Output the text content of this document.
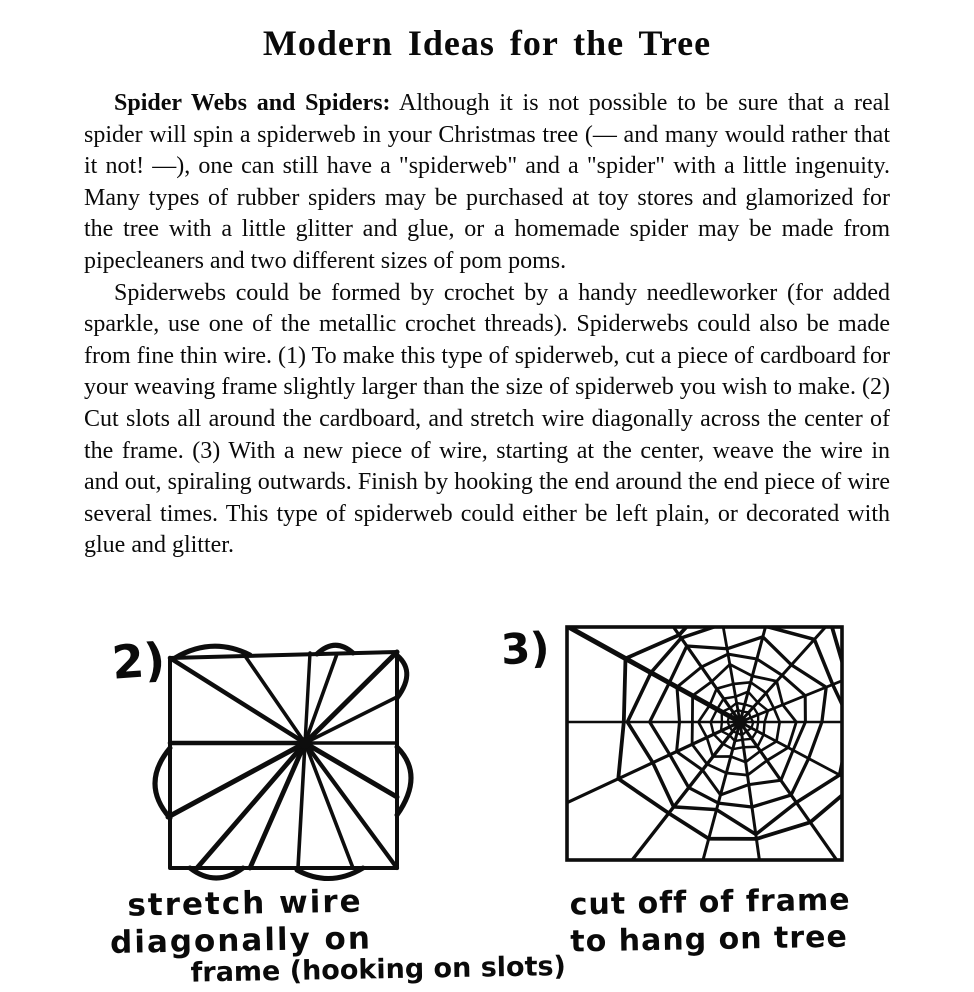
Modern Ideas for the Tree

Spider Webs and Spiders: Although it is not possible to be sure that a real spider will spin a spiderweb in your Christmas tree (— and many would rather that it not! —), one can still have a "spiderweb" and a "spider" with a little ingenuity. Many types of rubber spiders may be purchased at toy stores and glamorized for the tree with a little glitter and glue, or a homemade spider may be made from pipecleaners and two different sizes of pom poms.

Spiderwebs could be formed by crochet by a handy needleworker (for added sparkle, use one of the metallic crochet threads). Spiderwebs could also be made from fine thin wire. (1) To make this type of spiderweb, cut a piece of cardboard for your weaving frame slightly larger than the size of spiderweb you wish to make. (2) Cut slots all around the cardboard, and stretch wire diagonally across the center of the frame. (3) With a new piece of wire, starting at the center, weave the wire in and out, spiraling outwards. Finish by hooking the end around the end piece of wire several times. This type of spiderweb could either be left plain, or decorated with glue and glitter.

2)	3)
stretch wire
diagonally on
frame (hooking on slots)
cut off of frame
to hang on tree
